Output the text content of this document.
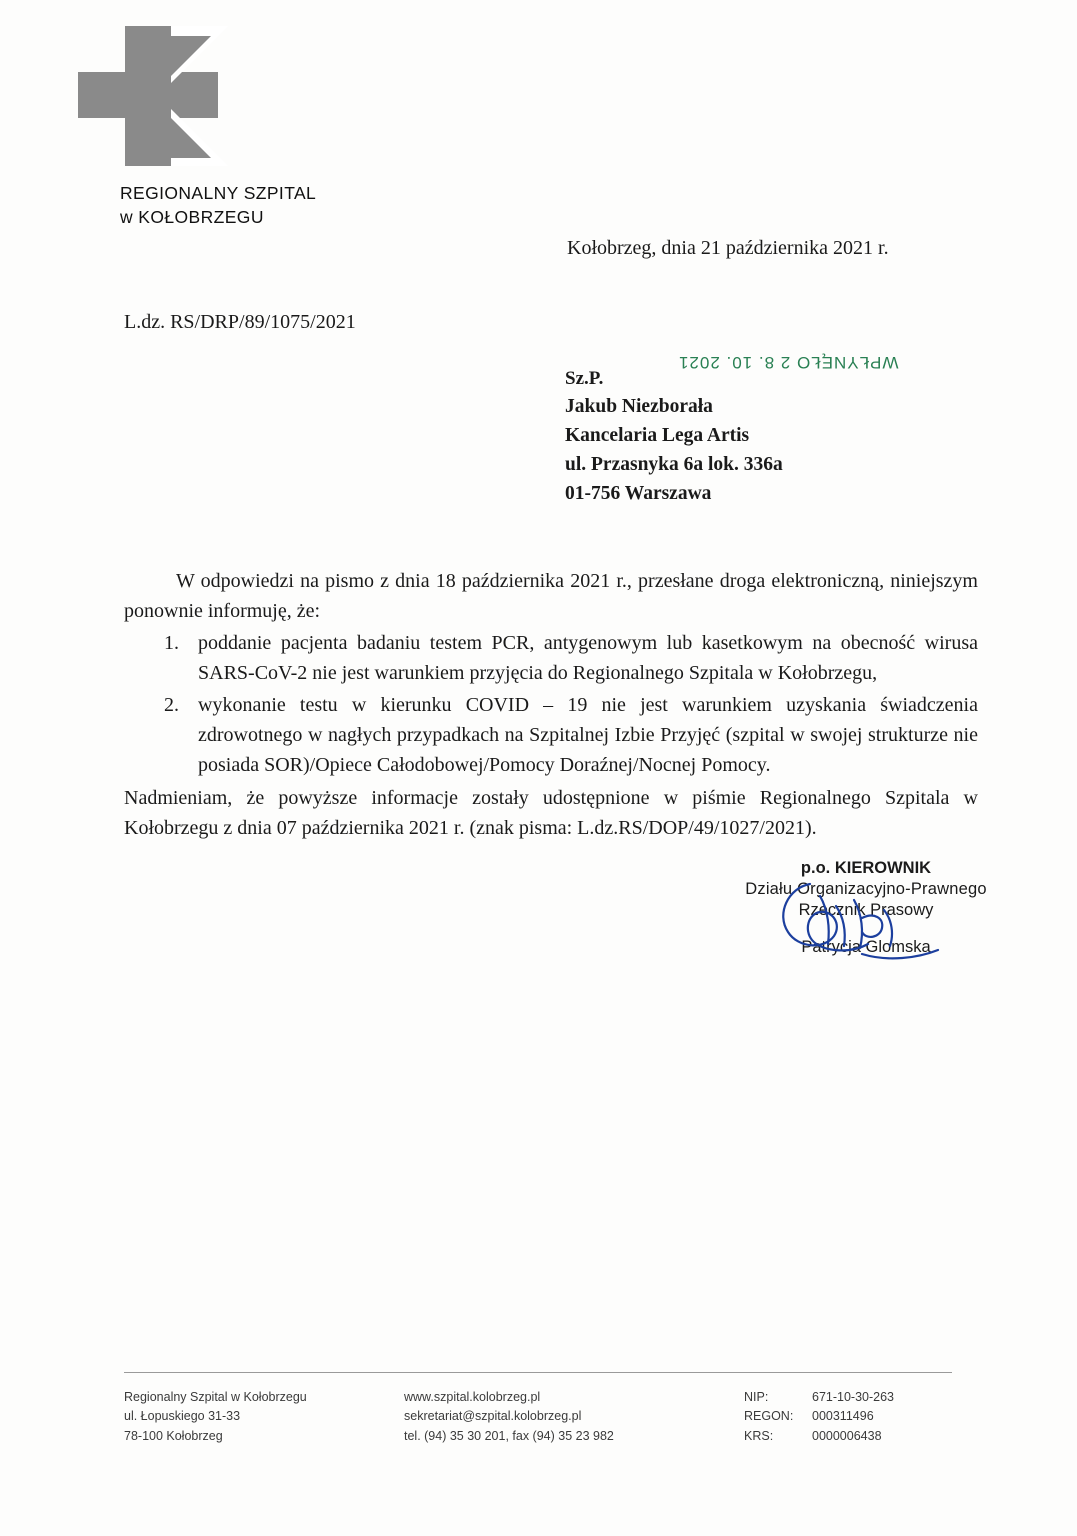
REGIONALNY SZPITAL
w KOŁOBRZEGU
Kołobrzeg, dnia 21 października 2021 r.
L.dz. RS/DRP/89/1075/2021
WPŁYNĘŁO 2 8. 10. 2021
Sz.P.
Jakub Niezborała
Kancelaria Lega Artis
ul. Przasnyka 6a lok. 336a
01-756 Warszawa
W odpowiedzi na pismo z dnia 18 października 2021 r., przesłane droga elektroniczną, niniejszym ponownie informuję, że:
1. poddanie pacjenta badaniu testem PCR, antygenowym lub kasetkowym na obecność wirusa SARS-CoV-2 nie jest warunkiem przyjęcia do Regionalnego Szpitala w Kołobrzegu,
2. wykonanie testu w kierunku COVID – 19 nie jest warunkiem uzyskania świadczenia zdrowotnego w nagłych przypadkach na Szpitalnej Izbie Przyjęć (szpital w swojej strukturze nie posiada SOR)/Opiece Całodobowej/Pomocy Doraźnej/Nocnej Pomocy.
Nadmieniam, że powyższe informacje zostały udostępnione w piśmie Regionalnego Szpitala w Kołobrzegu z dnia 07 października 2021 r. (znak pisma: L.dz.RS/DOP/49/1027/2021).
p.o. KIEROWNIK
Działu Organizacyjno-Prawnego
Rzecznik Prasowy
Patrycja Glomska
Regionalny Szpital w Kołobrzegu
ul. Łopuskiego 31-33
78-100 Kołobrzeg
www.szpital.kolobrzeg.pl
sekretariat@szpital.kolobrzeg.pl
tel. (94) 35 30 201, fax (94) 35 23 982
NIP:	671-10-30-263
REGON:	000311496
KRS:	0000006438
